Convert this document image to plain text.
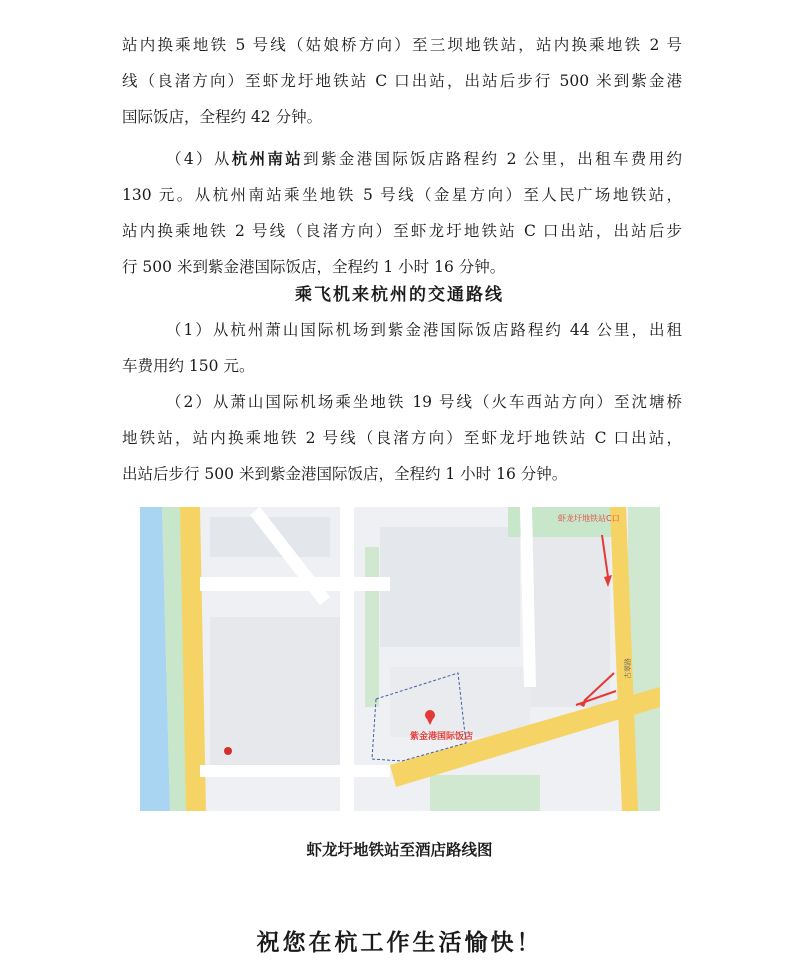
站内换乘地铁 5 号线（姑娘桥方向）至三坝地铁站，站内换乘地铁 2 号
线（良渚方向）至虾龙圩地铁站 C 口出站，出站后步行 500 米到紫金港
国际饭店，全程约 42 分钟。
（4）从杭州南站到紫金港国际饭店路程约 2 公里，出租车费用约
130 元。从杭州南站乘坐地铁 5 号线（金星方向）至人民广场地铁站，
站内换乘地铁 2 号线（良渚方向）至虾龙圩地铁站 C 口出站，出站后步
行 500 米到紫金港国际饭店，全程约 1 小时 16 分钟。
乘飞机来杭州的交通路线
（1）从杭州萧山国际机场到紫金港国际饭店路程约 44 公里，出租
车费用约 150 元。
（2）从萧山国际机场乘坐地铁 19 号线（火车西站方向）至沈塘桥
地铁站，站内换乘地铁 2 号线（良渚方向）至虾龙圩地铁站 C 口出站，
出站后步行 500 米到紫金港国际饭店，全程约 1 小时 16 分钟。
紫金港国际饭店
虾龙圩地铁站C口
古翠路
虾龙圩地铁站至酒店路线图
祝您在杭工作生活愉快！
